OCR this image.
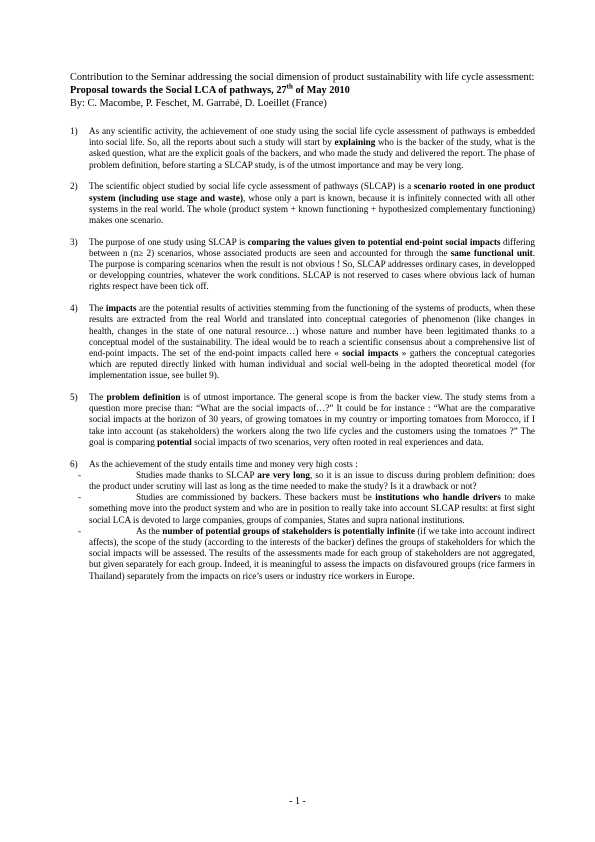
Contribution to the Seminar addressing the social dimension of product sustainability with life cycle assessment: Proposal towards the Social LCA of pathways, 27th of May 2010
By: C. Macombe, P. Feschet, M. Garrabé, D. Loeillet (France)
1) As any scientific activity, the achievement of one study using the social life cycle assessment of pathways is embedded into social life. So, all the reports about such a study will start by explaining who is the backer of the study, what is the asked question, what are the explicit goals of the backers, and who made the study and delivered the report. The phase of problem definition, before starting a SLCAP study, is of the utmost importance and may be very long.
2) The scientific object studied by social life cycle assessment of pathways (SLCAP) is a scenario rooted in one product system (including use stage and waste), whose only a part is known, because it is infinitely connected with all other systems in the real world. The whole (product system + known functioning + hypothesized complementary functioning) makes one scenario.
3) The purpose of one study using SLCAP is comparing the values given to potential end-point social impacts differing between n (n≥ 2) scenarios, whose associated products are seen and accounted for through the same functional unit. The purpose is comparing scenarios when the result is not obvious ! So, SLCAP addresses ordinary cases, in developped or developping countries, whatever the work conditions. SLCAP is not reserved to cases where obvious lack of human rights respect have been tick off.
4) The impacts are the potential results of activities stemming from the functioning of the systems of products, when these results are extracted from the real World and translated into conceptual categories of phenomenon (like changes in health, changes in the state of one natural resource…) whose nature and number have been legitimated thanks to a conceptual model of the sustainability. The ideal would be to reach a scientific consensus about a comprehensive list of end-point impacts. The set of the end-point impacts called here « social impacts » gathers the conceptual categories which are reputed directly linked with human individual and social well-being in the adopted theoretical model (for implementation issue, see bullet 9).
5) The problem definition is of utmost importance. The general scope is from the backer view. The study stems from a question more precise than: “What are the social impacts of…?” It could be for instance : “What are the comparative social impacts at the horizon of 30 years, of growing tomatoes in my country or importing tomatoes from Morocco, if I take into account (as stakeholders) the workers along the two life cycles and the customers using the tomatoes ?” The goal is comparing potential social impacts of two scenarios, very often rooted in real experiences and data.
6) As the achievement of the study entails time and money very high costs :
-	Studies made thanks to SLCAP are very long, so it is an issue to discuss during problem definition: does the product under scrutiny will last as long as the time needed to make the study? Is it a drawback or not?
-	Studies are commissioned by backers. These backers must be institutions who handle drivers to make something move into the product system and who are in position to really take into account SLCAP results: at first sight social LCA is devoted to large companies, groups of companies, States and supra national institutions.
-	As the number of potential groups of stakeholders is potentially infinite (if we take into account indirect affects), the scope of the study (according to the interests of the backer) defines the groups of stakeholders for which the social impacts will be assessed. The results of the assessments made for each group of stakeholders are not aggregated, but given separately for each group. Indeed, it is meaningful to assess the impacts on disfavoured groups (rice farmers in Thailand) separately from the impacts on rice’s users or industry rice workers in Europe.
- 1 -
